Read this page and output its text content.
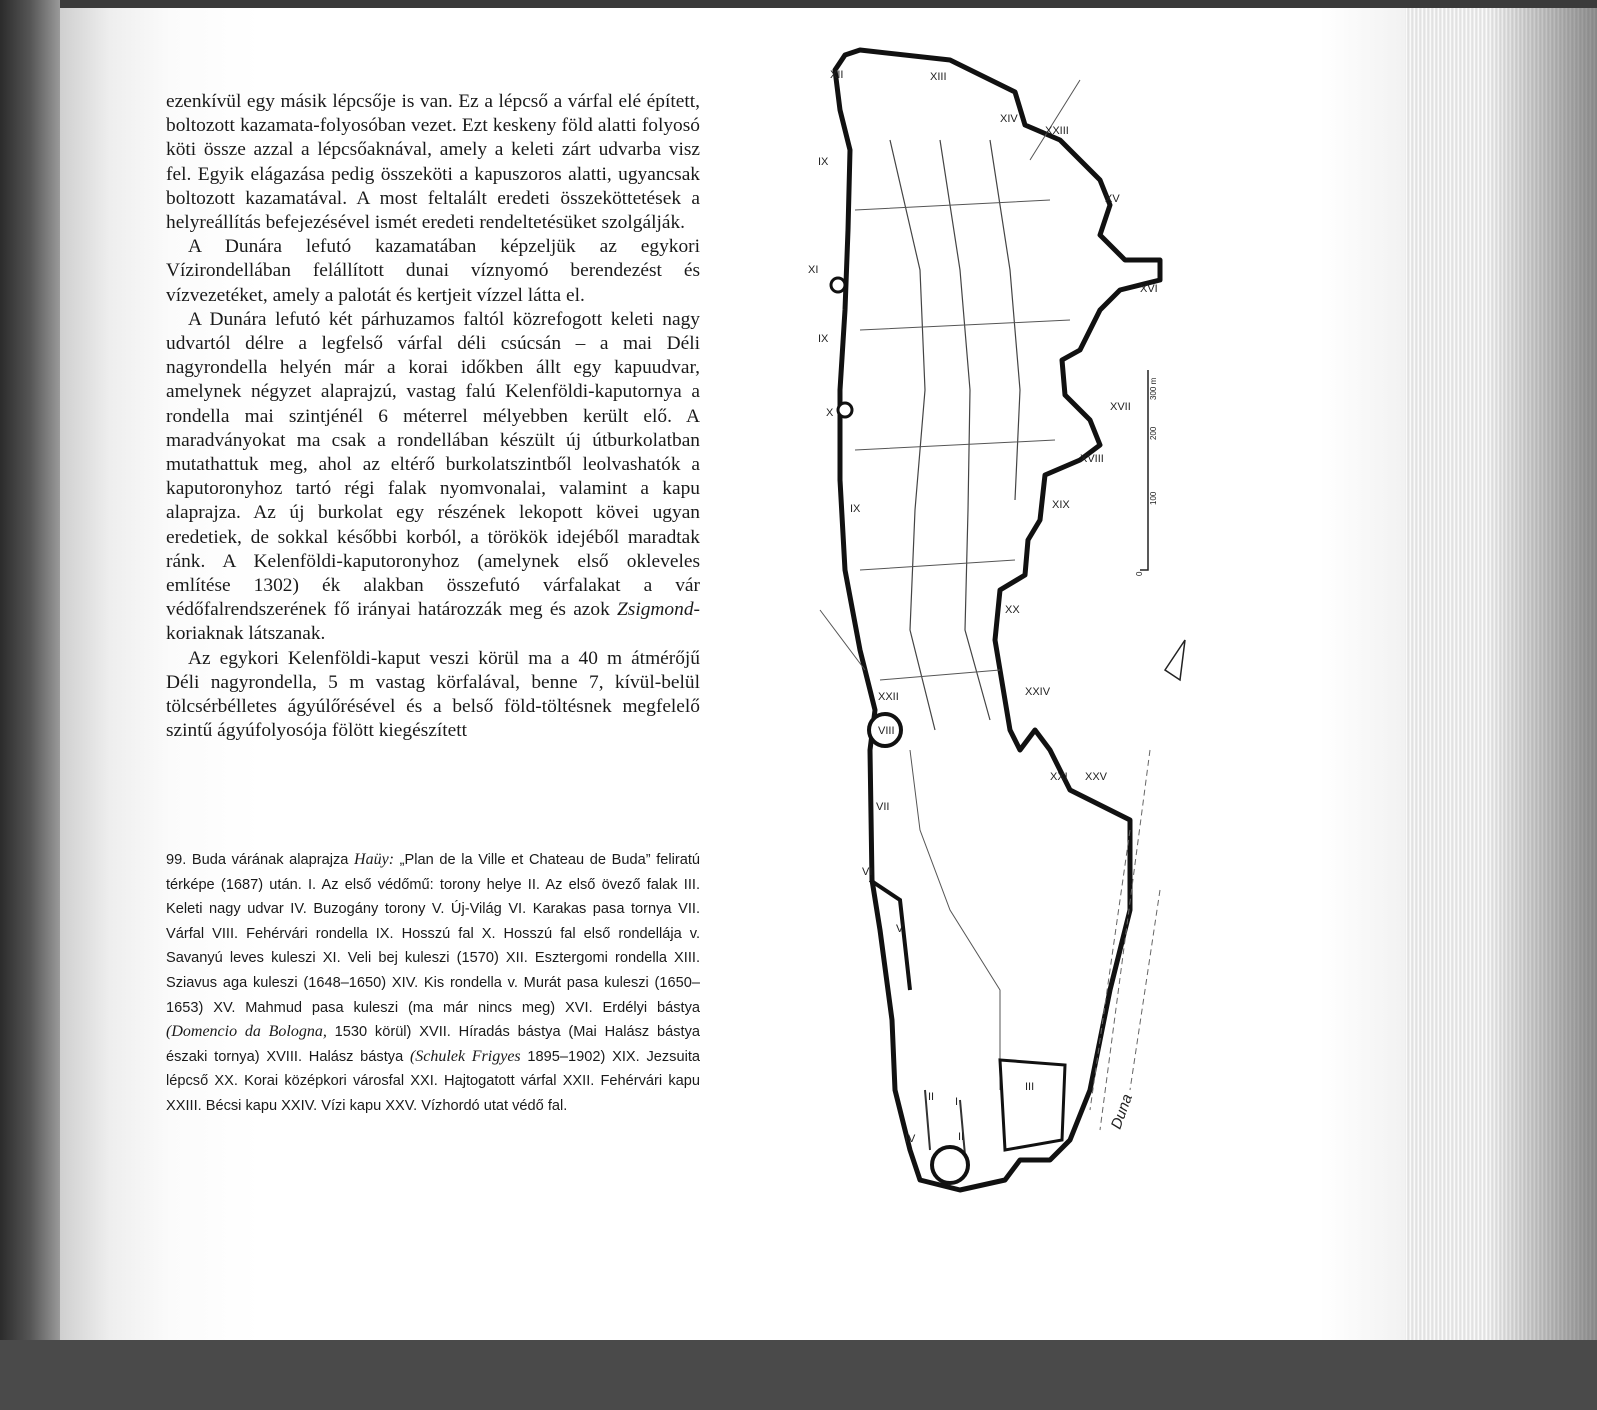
ezenkívül egy másik lépcsője is van. Ez a lépcső a várfal elé épített, boltozott kazamata-folyosóban vezet. Ezt keskeny föld alatti folyosó köti össze azzal a lépcsőaknával, amely a keleti zárt udvarba visz fel. Egyik elágazása pedig összeköti a kapuszoros alatti, ugyancsak boltozott kazamatával. A most feltalált eredeti összeköttetések a helyreállítás befejezésével ismét eredeti rendeltetésüket szolgálják.

A Dunára lefutó kazamatában képzeljük az egykori Vízirondellában felállított dunai víznyomó berendezést és vízvezetéket, amely a palotát és kertjeit vízzel látta el.

A Dunára lefutó két párhuzamos faltól közrefogott keleti nagy udvartól délre a legfelső várfal déli csúcsán – a mai Déli nagyrondella helyén már a korai időkben állt egy kapuudvar, amelynek négyzet alaprajzú, vastag falú Kelenföldi-kaputornya a rondella mai szintjénél 6 méterrel mélyebben került elő. A maradványokat ma csak a rondellában készült új útburkolatban mutathattuk meg, ahol az eltérő burkolatszintből leolvashatók a kaputoronyhoz tartó régi falak nyomvonalai, valamint a kapu alaprajza. Az új burkolat egy részének lekopott kövei ugyan eredetiek, de sokkal későbbi korból, a törökök idejéből maradtak ránk. A Kelenföldi-kaputoronyhoz (amelynek első okleveles említése 1302) ék alakban összefutó várfalakat a vár védőfalrendszerének fő irányai határozzák meg és azok Zsigmond-koriaknak látszanak.

Az egykori Kelenföldi-kaput veszi körül ma a 40 m átmérőjű Déli nagyrondella, 5 m vastag körfalával, benne 7, kívül-belül tölcsérbélletes ágyúlőrésével és a belső föld-töltésnek megfelelő szintű ágyúfolyosója fölött kiegészített

99. Buda várának alaprajza Haüy: „Plan de la Ville et Chateau de Buda” feliratú térképe (1687) után. I. Az első védőmű: torony helye II. Az első övező falak III. Keleti nagy udvar IV. Buzogány torony V. Új-Világ VI. Karakas pasa tornya VII. Várfal VIII. Fehérvári rondella IX. Hosszú fal X. Hosszú fal első rondellája v. Savanyú leves kuleszi XI. Veli bej kuleszi (1570) XII. Esztergomi rondella XIII. Sziavus aga kuleszi (1648–1650) XIV. Kis rondella v. Murát pasa kuleszi (1650–1653) XV. Mahmud pasa kuleszi (ma már nincs meg) XVI. Erdélyi bástya (Domencio da Bologna, 1530 körül) XVII. Híradás bástya (Mai Halász bástya északi tornya) XVIII. Halász bástya (Schulek Frigyes 1895–1902) XIX. Jezsuita lépcső XX. Korai középkori városfal XXI. Hajtogatott várfal XXII. Fehérvári kapu XXIII. Bécsi kapu XXIV. Vízi kapu XXV. Vízhordó utat védő fal.

XII	XIII
XIV
XXIII
IX
XV
XI
XVI
IX
X	XVII
XVIII
XIX
IX
XX
XXII	XXIV
VIII
XXI XXV
VII
VI
V
III
II I
IV	II
Duna
300 m
200
100
0
